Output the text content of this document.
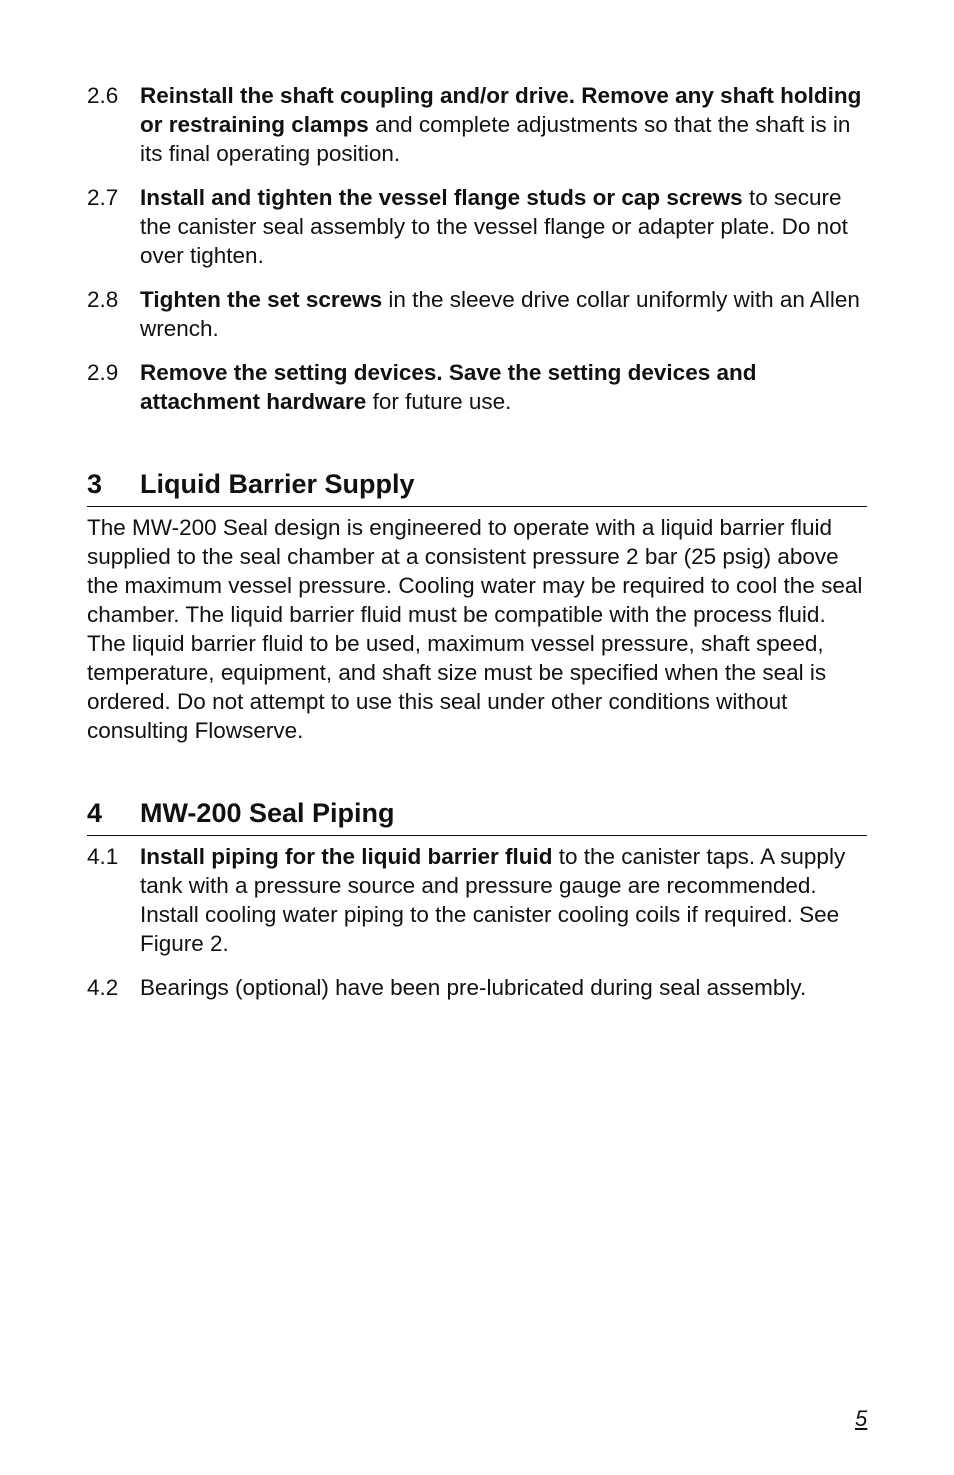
2.6 Reinstall the shaft coupling and/or drive. Remove any shaft holding or restraining clamps and complete adjustments so that the shaft is in its final operating position.
2.7 Install and tighten the vessel flange studs or cap screws to secure the canister seal assembly to the vessel flange or adapter plate. Do not over tighten.
2.8 Tighten the set screws in the sleeve drive collar uniformly with an Allen wrench.
2.9 Remove the setting devices. Save the setting devices and attachment hardware for future use.
3	Liquid Barrier Supply

The MW-200 Seal design is engineered to operate with a liquid barrier fluid supplied to the seal chamber at a consistent pressure 2 bar (25 psig) above the maximum vessel pressure. Cooling water may be required to cool the seal chamber. The liquid barrier fluid must be compatible with the process fluid. The liquid barrier fluid to be used, maximum vessel pressure, shaft speed, temperature, equipment, and shaft size must be specified when the seal is ordered. Do not attempt to use this seal under other conditions without consulting Flowserve.

4	MW-200 Seal Piping
4.1 Install piping for the liquid barrier fluid to the canister taps. A supply tank with a pressure source and pressure gauge are recommended. Install cooling water piping to the canister cooling coils if required. See Figure 2.
4.2 Bearings (optional) have been pre-lubricated during seal assembly.
5
